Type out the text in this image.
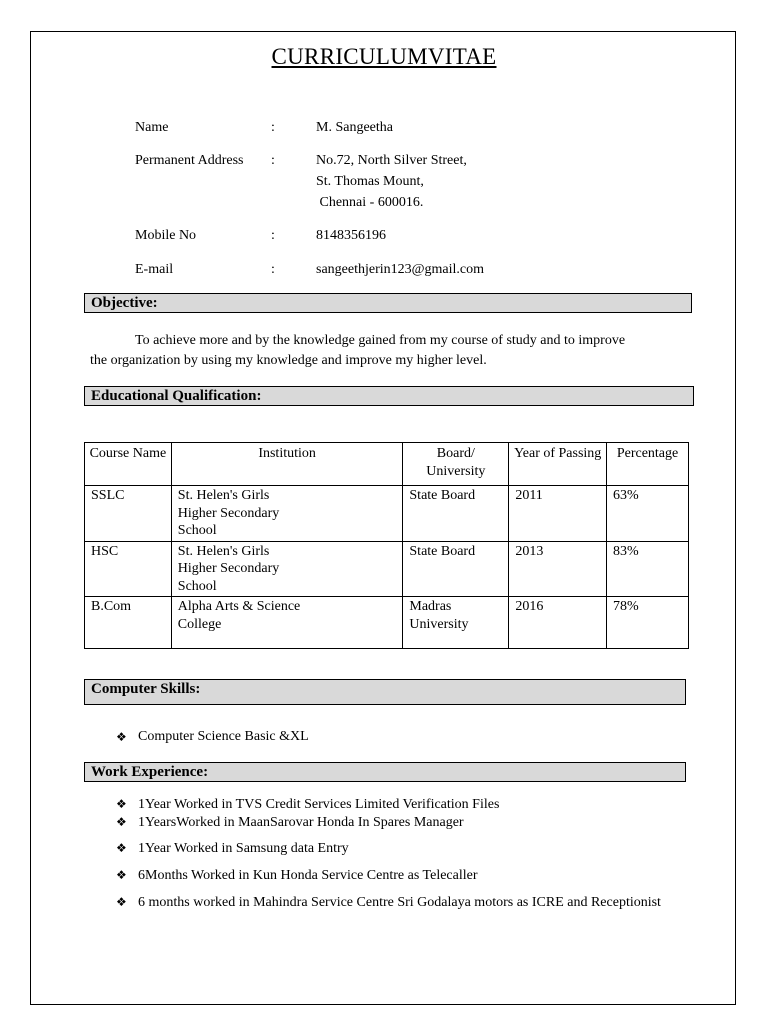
CURRICULUMVITAE
Name	:	M. Sangeetha
Permanent Address :	No.72, North Silver Street,
St. Thomas Mount,
Chennai - 600016.
Mobile No	:	8148356196
E-mail	:	sangeethjerin123@gmail.com
Objective:
To achieve more and by the knowledge gained from my course of study and to improve
the organization by using my knowledge and improve my higher level.
Educational Qualification:
Course Name	Institution	Board/ University	Year of Passing	Percentage
SSLC	St. Helen's Girls Higher Secondary School	State Board	2011	63%
HSC	St. Helen's Girls Higher Secondary School	State Board	2013	83%
B.Com	Alpha Arts & Science College	Madras University	2016	78%
Computer Skills:
❖ Computer Science Basic &XL
Work Experience:
❖ 1Year Worked in TVS Credit Services Limited Verification Files
❖ 1YearsWorked in MaanSarovar Honda In Spares Manager
❖ 1Year Worked in Samsung data Entry
❖ 6Months Worked in Kun Honda Service Centre as Telecaller
❖ 6 months worked in Mahindra Service Centre Sri Godalaya motors as ICRE and Receptionist
